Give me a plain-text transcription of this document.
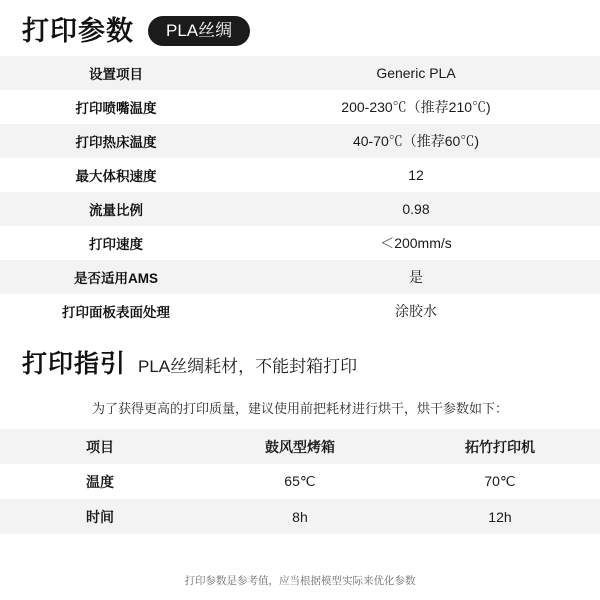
打印参数	PLA丝绸
设置项目	Generic PLA
打印喷嘴温度	200-230℃（推荐210℃)
打印热床温度	40-70℃（推荐60℃)
最大体积速度	12
流量比例	0.98
打印速度	＜200mm/s
是否适用AMS	是
打印面板表面处理	涂胶水
打印指引 PLA丝绸耗材，不能封箱打印
为了获得更高的打印质量，建议使用前把耗材进行烘干，烘干参数如下：
项目	鼓风型烤箱	拓竹打印机
温度	65℃	70℃
时间	8h	12h
打印参数是参考值，应当根据模型实际来优化参数
